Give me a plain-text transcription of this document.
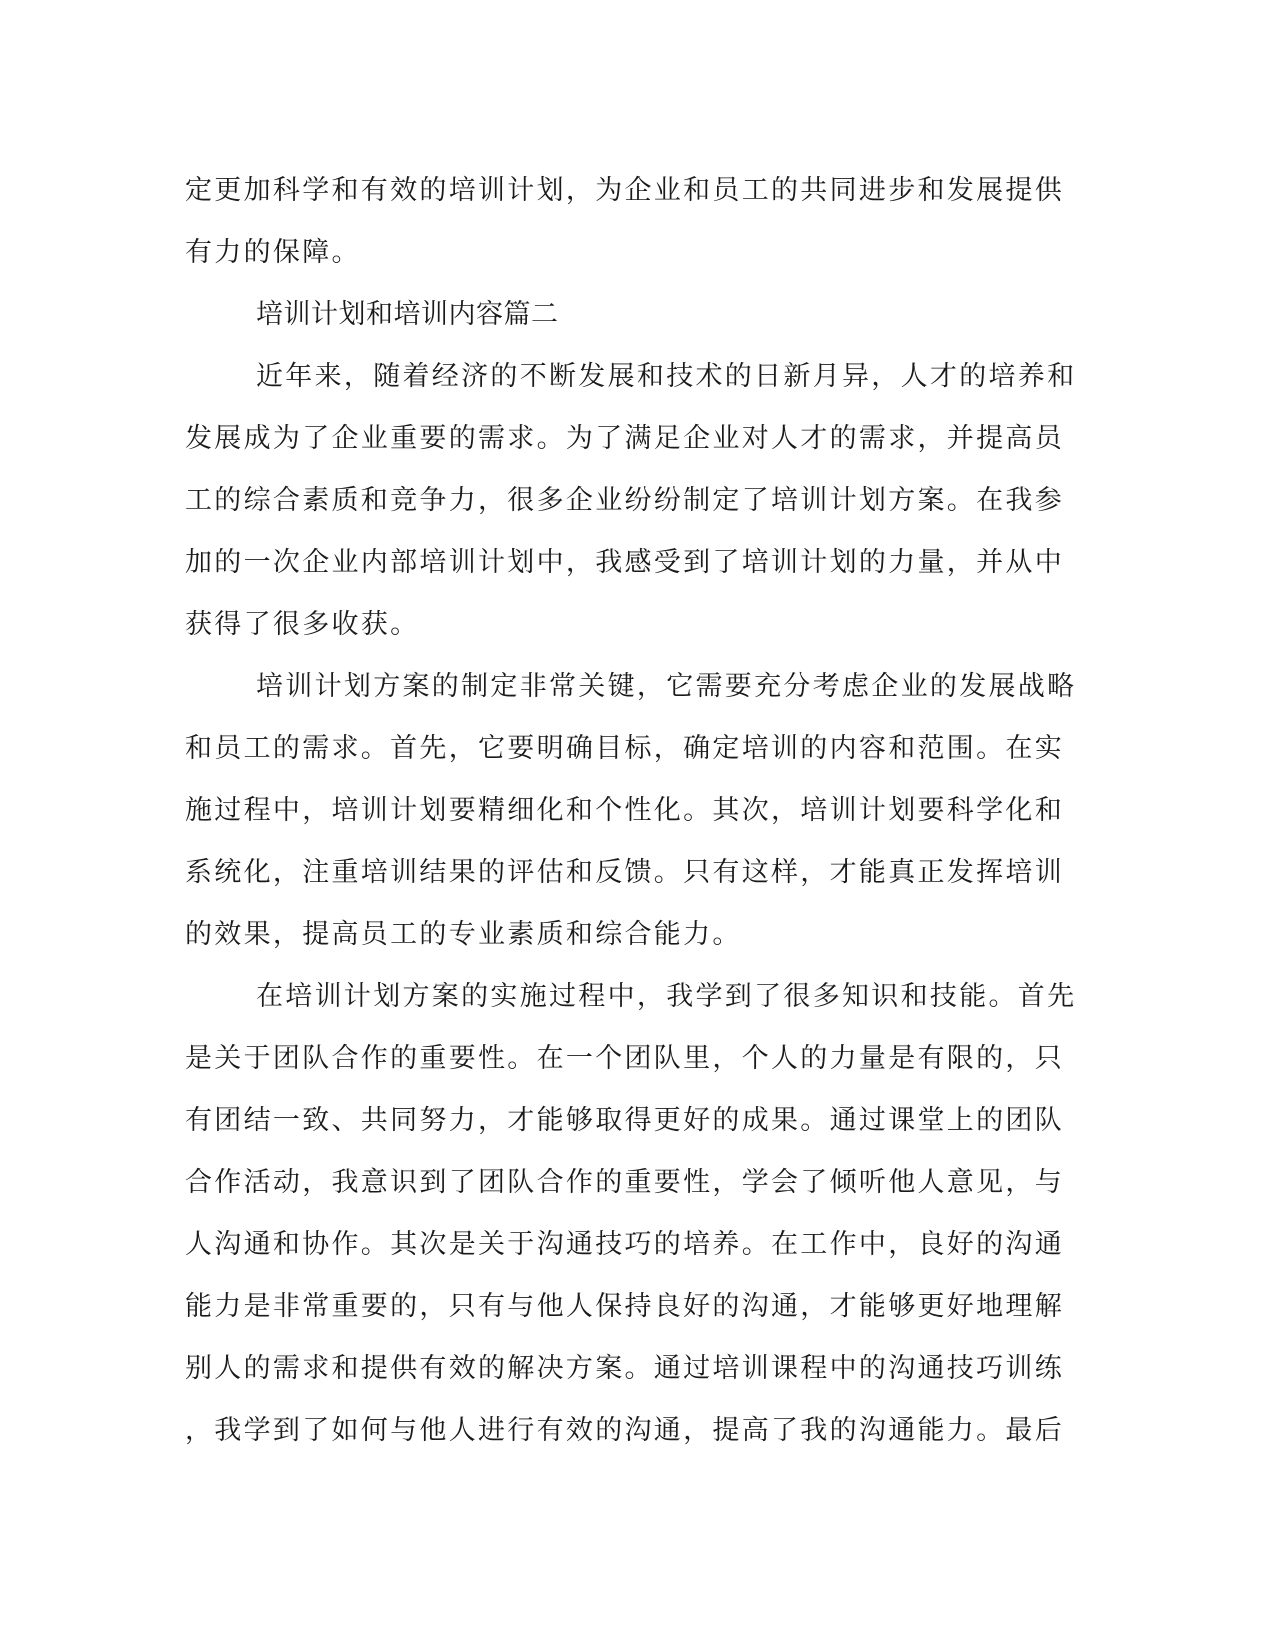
定更加科学和有效的培训计划，为企业和员工的共同进步和发展提供
有力的保障。
培训计划和培训内容篇二
近年来，随着经济的不断发展和技术的日新月异，人才的培养和
发展成为了企业重要的需求。为了满足企业对人才的需求，并提高员
工的综合素质和竞争力，很多企业纷纷制定了培训计划方案。在我参
加的一次企业内部培训计划中，我感受到了培训计划的力量，并从中
获得了很多收获。
培训计划方案的制定非常关键，它需要充分考虑企业的发展战略
和员工的需求。首先，它要明确目标，确定培训的内容和范围。在实
施过程中，培训计划要精细化和个性化。其次，培训计划要科学化和
系统化，注重培训结果的评估和反馈。只有这样，才能真正发挥培训
的效果，提高员工的专业素质和综合能力。
在培训计划方案的实施过程中，我学到了很多知识和技能。首先
是关于团队合作的重要性。在一个团队里，个人的力量是有限的，只
有团结一致、共同努力，才能够取得更好的成果。通过课堂上的团队
合作活动，我意识到了团队合作的重要性，学会了倾听他人意见，与
人沟通和协作。其次是关于沟通技巧的培养。在工作中，良好的沟通
能力是非常重要的，只有与他人保持良好的沟通，才能够更好地理解
别人的需求和提供有效的解决方案。通过培训课程中的沟通技巧训练
，我学到了如何与他人进行有效的沟通，提高了我的沟通能力。最后
